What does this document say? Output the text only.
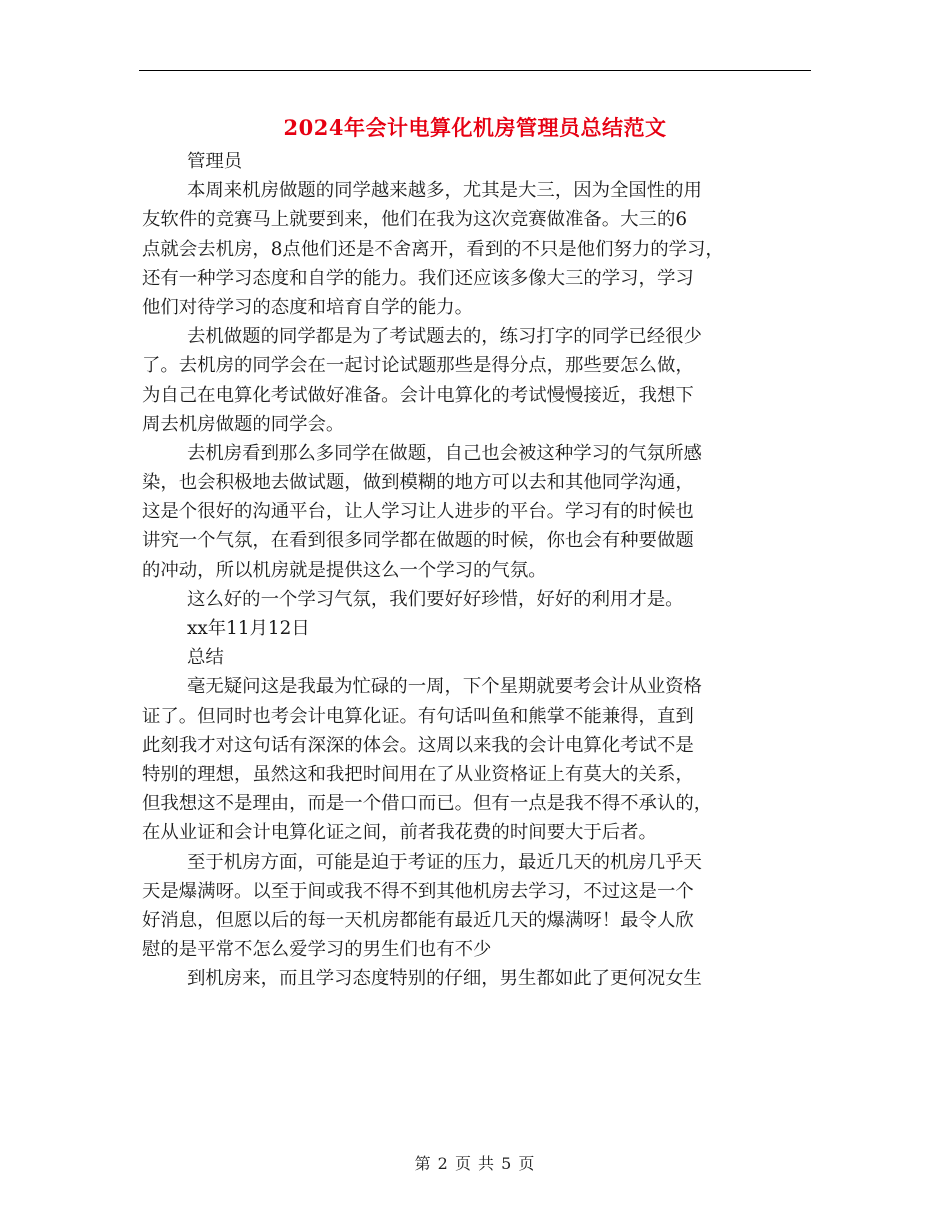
2024年会计电算化机房管理员总结范文
管理员
本周来机房做题的同学越来越多，尤其是大三，因为全国性的用
友软件的竞赛马上就要到来，他们在我为这次竞赛做准备。大三的6
点就会去机房，8点他们还是不舍离开，看到的不只是他们努力的学习，
还有一种学习态度和自学的能力。我们还应该多像大三的学习，学习
他们对待学习的态度和培育自学的能力。
去机做题的同学都是为了考试题去的，练习打字的同学已经很少
了。去机房的同学会在一起讨论试题那些是得分点，那些要怎么做，
为自己在电算化考试做好准备。会计电算化的考试慢慢接近，我想下
周去机房做题的同学会。
去机房看到那么多同学在做题，自己也会被这种学习的气氛所感
染，也会积极地去做试题，做到模糊的地方可以去和其他同学沟通，
这是个很好的沟通平台，让人学习让人进步的平台。学习有的时候也
讲究一个气氛，在看到很多同学都在做题的时候，你也会有种要做题
的冲动，所以机房就是提供这么一个学习的气氛。
这么好的一个学习气氛，我们要好好珍惜，好好的利用才是。
xx年11月12日
总结
毫无疑问这是我最为忙碌的一周，下个星期就要考会计从业资格
证了。但同时也考会计电算化证。有句话叫鱼和熊掌不能兼得，直到
此刻我才对这句话有深深的体会。这周以来我的会计电算化考试不是
特别的理想，虽然这和我把时间用在了从业资格证上有莫大的关系，
但我想这不是理由，而是一个借口而已。但有一点是我不得不承认的，
在从业证和会计电算化证之间，前者我花费的时间要大于后者。
至于机房方面，可能是迫于考证的压力，最近几天的机房几乎天
天是爆满呀。以至于间或我不得不到其他机房去学习，不过这是一个
好消息，但愿以后的每一天机房都能有最近几天的爆满呀！最令人欣
慰的是平常不怎么爱学习的男生们也有不少
到机房来，而且学习态度特别的仔细，男生都如此了更何况女生
第 2 页 共 5 页
